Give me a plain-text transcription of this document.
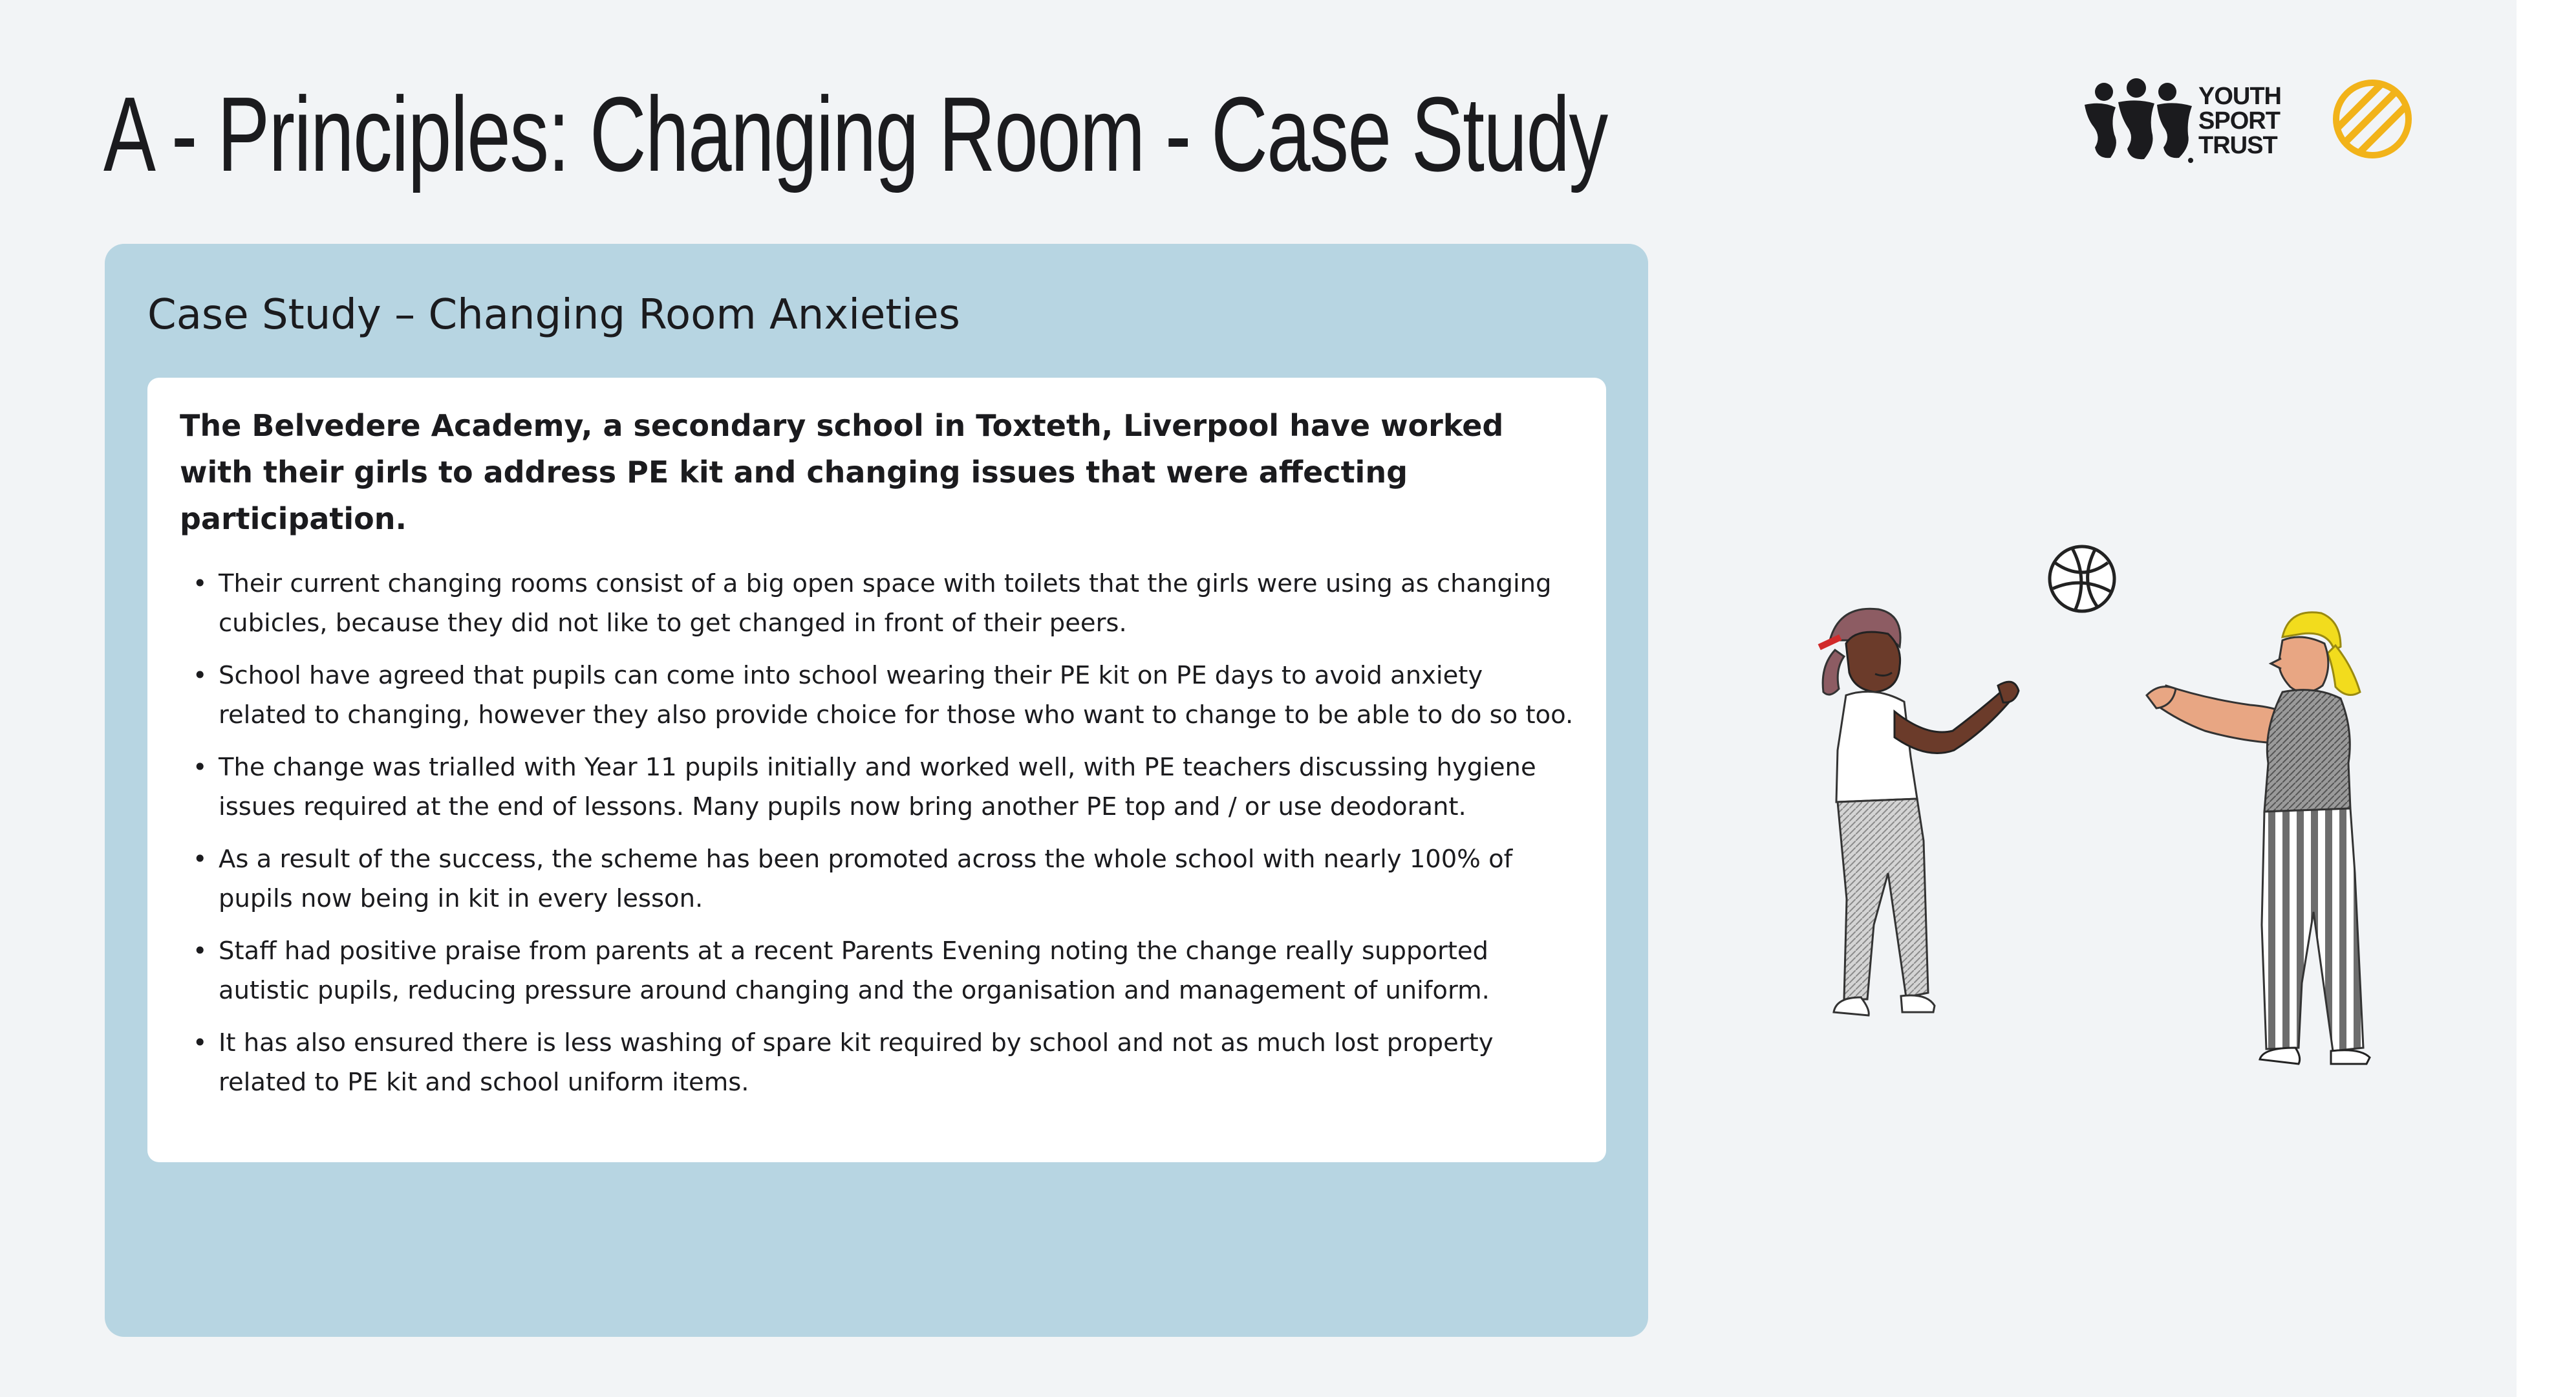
A - Principles: Changing Room - Case Study	YOUTH
SPORT
TRUST
Case Study – Changing Room Anxieties

The Belvedere Academy, a secondary school in Toxteth, Liverpool have worked with their girls to address PE kit and changing issues that were affecting participation.

• Their current changing rooms consist of a big open space with toilets that the girls were using as changing cubicles, because they did not like to get changed in front of their peers.
• School have agreed that pupils can come into school wearing their PE kit on PE days to avoid anxiety related to changing, however they also provide choice for those who want to change to be able to do so too.
• The change was trialled with Year 11 pupils initially and worked well, with PE teachers discussing hygiene issues required at the end of lessons. Many pupils now bring another PE top and / or use deodorant.
• As a result of the success, the scheme has been promoted across the whole school with nearly 100% of pupils now being in kit in every lesson.
• Staff had positive praise from parents at a recent Parents Evening noting the change really supported autistic pupils, reducing pressure around changing and the organisation and management of uniform.
• It has also ensured there is less washing of spare kit required by school and not as much lost property related to PE kit and school uniform items.
